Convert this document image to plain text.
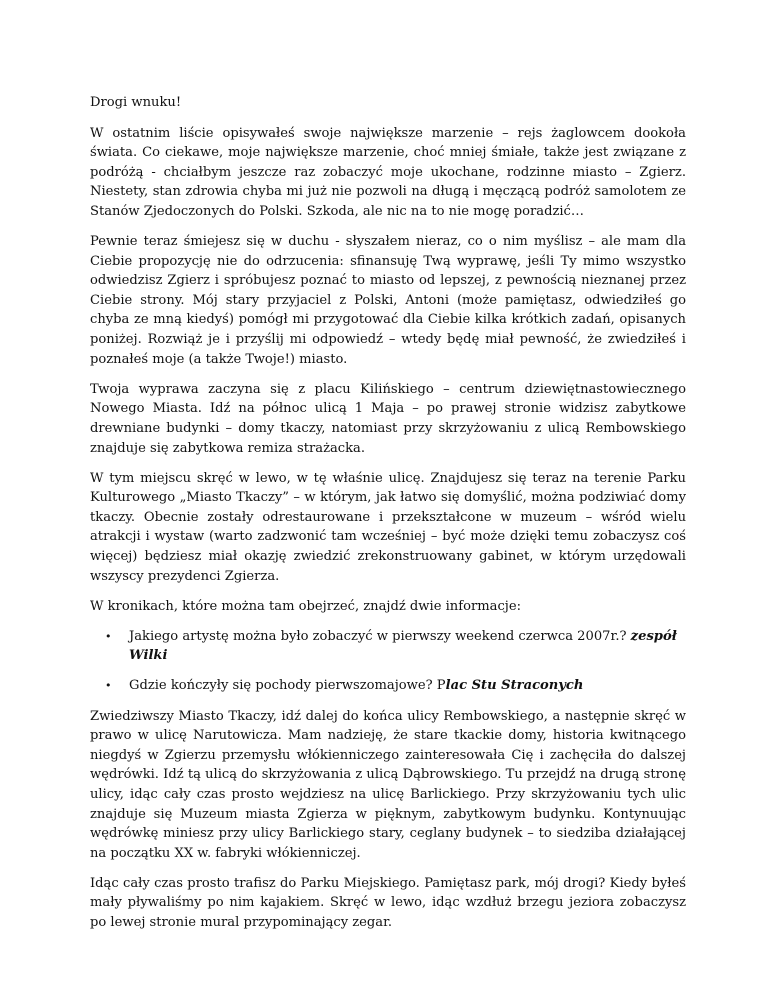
Drogi wnuku!

W ostatnim liście opisywałeś swoje największe marzenie – rejs żaglowcem dookoła świata. Co ciekawe, moje największe marzenie, choć mniej śmiałe, także jest związane z podróżą - chciałbym jeszcze raz zobaczyć moje ukochane, rodzinne miasto – Zgierz. Niestety, stan zdrowia chyba mi już nie pozwoli na długą i męczącą podróż samolotem ze Stanów Zjedoczonych do Polski. Szkoda, ale nic na to nie mogę poradzić…

Pewnie teraz śmiejesz się w duchu - słyszałem nieraz, co o nim myślisz – ale mam dla Ciebie propozycję nie do odrzucenia: sfinansuję Twą wyprawę, jeśli Ty mimo wszystko odwiedzisz Zgierz i spróbujesz poznać to miasto od lepszej, z pewnością nieznanej przez Ciebie strony. Mój stary przyjaciel z Polski, Antoni (może pamiętasz, odwiedziłeś go chyba ze mną kiedyś) pomógł mi przygotować dla Ciebie kilka krótkich zadań, opisanych poniżej. Rozwiąż je i przyślij mi odpowiedź – wtedy będę miał pewność, że zwiedziłeś i poznałeś moje (a także Twoje!) miasto.

Twoja wyprawa zaczyna się z placu Kilińskiego – centrum dziewiętnastowiecznego Nowego Miasta. Idź na północ ulicą 1 Maja – po prawej stronie widzisz zabytkowe drewniane budynki – domy tkaczy, natomiast przy skrzyżowaniu z ulicą Rembowskiego znajduje się zabytkowa remiza strażacka.

W tym miejscu skręć w lewo, w tę właśnie ulicę. Znajdujesz się teraz na terenie Parku Kulturowego „Miasto Tkaczy” – w którym, jak łatwo się domyślić, można podziwiać domy tkaczy. Obecnie zostały odrestaurowane i przekształcone w muzeum – wśród wielu atrakcji i wystaw (warto zadzwonić tam wcześniej – być może dzięki temu zobaczysz coś więcej) będziesz miał okazję zwiedzić zrekonstruowany gabinet, w którym urzędowali wszyscy prezydenci Zgierza.

W kronikach, które można tam obejrzeć, znajdź dwie informacje:

• Jakiego artystę można było zobaczyć w pierwszy weekend czerwca 2007r.? zespół Wilki
• Gdzie kończyły się pochody pierwszomajowe? Plac Stu Straconych

Zwiedziwszy Miasto Tkaczy, idź dalej do końca ulicy Rembowskiego, a następnie skręć w prawo w ulicę Narutowicza. Mam nadzieję, że stare tkackie domy, historia kwitnącego niegdyś w Zgierzu przemysłu włókienniczego zainteresowała Cię i zachęciła do dalszej wędrówki. Idź tą ulicą do skrzyżowania z ulicą Dąbrowskiego. Tu przejdź na drugą stronę ulicy, idąc cały czas prosto wejdziesz na ulicę Barlickiego. Przy skrzyżowaniu tych ulic znajduje się Muzeum miasta Zgierza w pięknym, zabytkowym budynku. Kontynuując wędrówkę miniesz przy ulicy Barlickiego stary, ceglany budynek – to siedziba działającej na początku XX w. fabryki włókienniczej.

Idąc cały czas prosto trafisz do Parku Miejskiego. Pamiętasz park, mój drogi? Kiedy byłeś mały pływaliśmy po nim kajakiem. Skręć w lewo, idąc wzdłuż brzegu jeziora zobaczysz po lewej stronie mural przypominający zegar.
